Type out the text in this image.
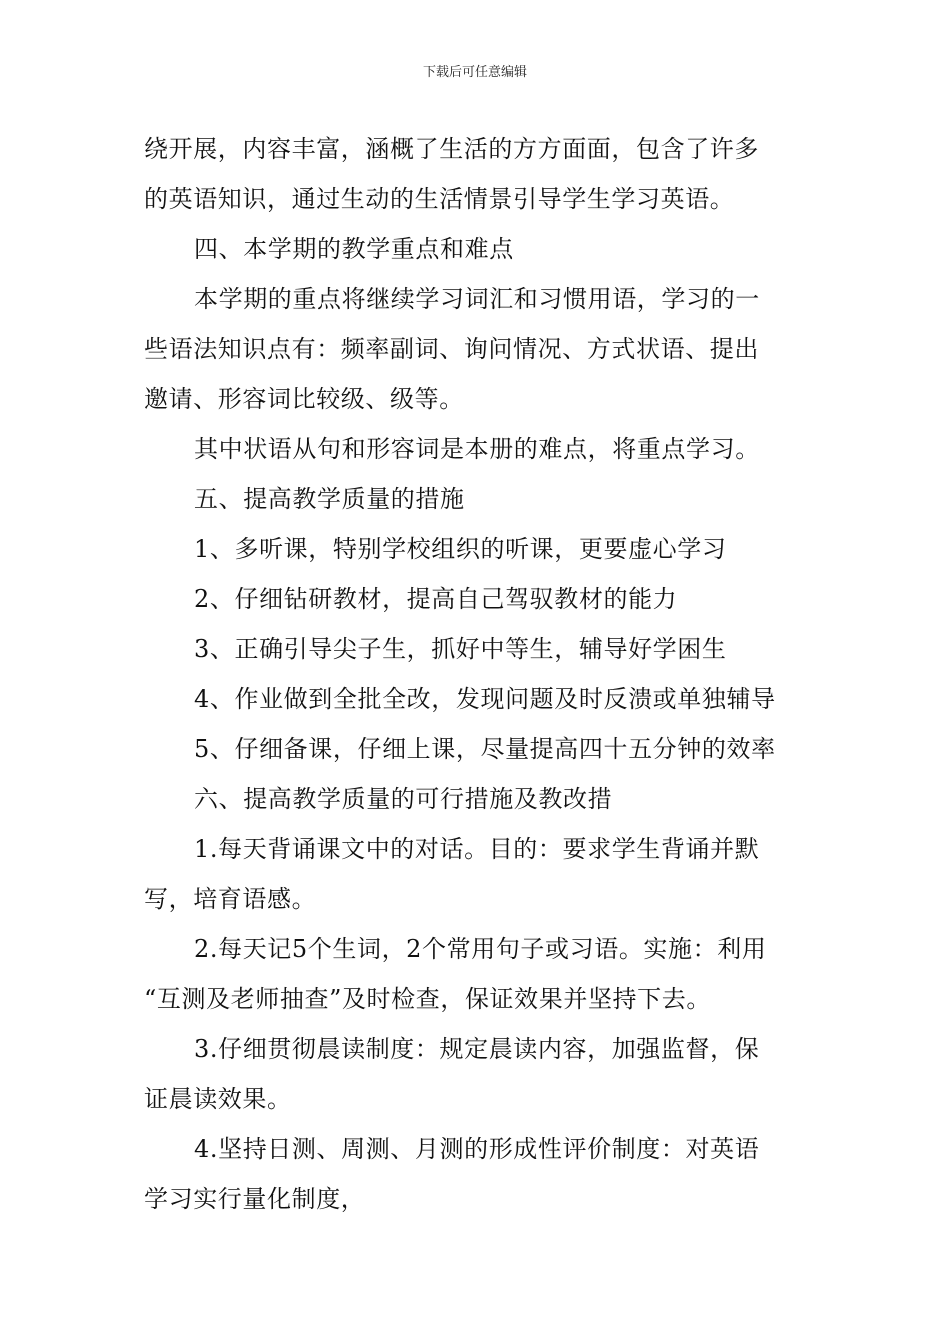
下载后可任意编辑
绕开展，内容丰富，涵概了生活的方方面面，包含了许多
的英语知识，通过生动的生活情景引导学生学习英语。
四、本学期的教学重点和难点
本学期的重点将继续学习词汇和习惯用语，学习的一
些语法知识点有：频率副词、询问情况、方式状语、提出
邀请、形容词比较级、级等。
其中状语从句和形容词是本册的难点，将重点学习。
五、提高教学质量的措施
1、多听课，特别学校组织的听课，更要虚心学习
2、仔细钻研教材，提高自己驾驭教材的能力
3、正确引导尖子生，抓好中等生，辅导好学困生
4、作业做到全批全改，发现问题及时反溃或单独辅导
5、仔细备课，仔细上课，尽量提高四十五分钟的效率
六、提高教学质量的可行措施及教改措
1.每天背诵课文中的对话。目的：要求学生背诵并默
写，培育语感。
2.每天记5个生词，2个常用句子或习语。实施：利用
“互测及老师抽查”及时检查，保证效果并坚持下去。
3.仔细贯彻晨读制度：规定晨读内容，加强监督，保
证晨读效果。
4.坚持日测、周测、月测的形成性评价制度：对英语
学习实行量化制度，
